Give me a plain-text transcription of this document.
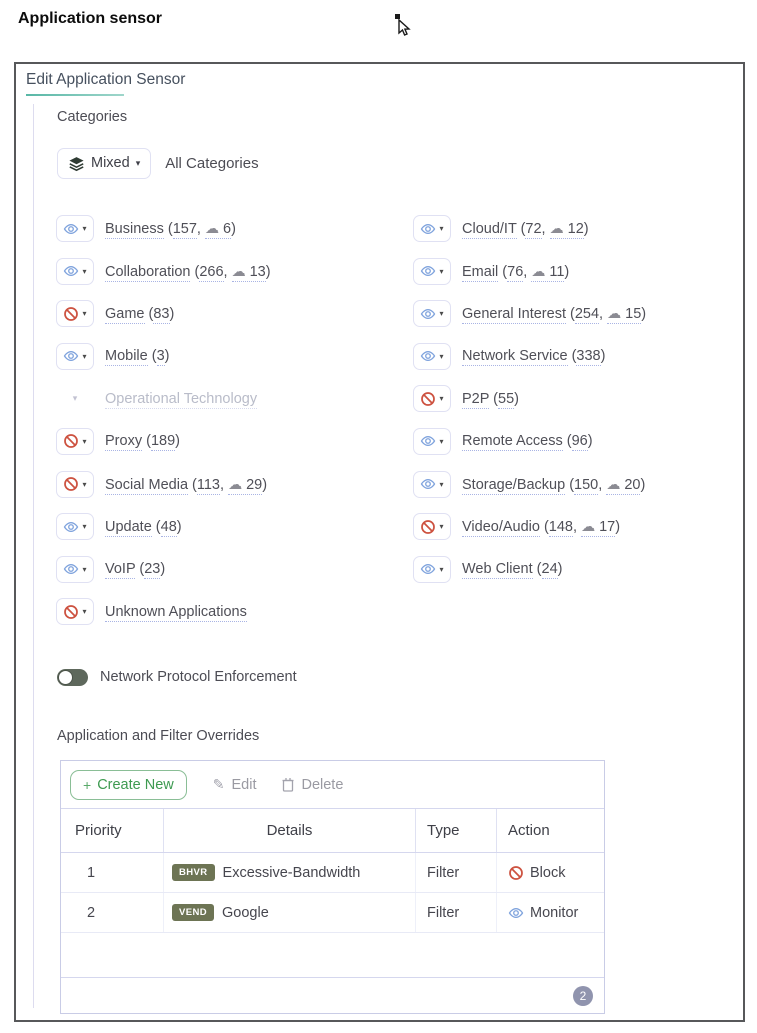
Application sensor
Edit Application Sensor
Categories
Mixed ▾ All Categories
▾ Business (157, ☁ 6)
▾ Collaboration (266, ☁ 13)
▾ Game (83)
▾ Mobile (3)
▾	Operational Technology
▾ Proxy (189)
▾ Social Media (113, ☁ 29)
▾ Update (48)
▾ VoIP (23)
▾ Unknown Applications
▾ Cloud/IT (72, ☁ 12)
▾ Email (76, ☁ 11)
▾ General Interest (254, ☁ 15)
▾ Network Service (338)
▾ P2P (55)
▾ Remote Access (96)
▾ Storage/Backup (150, ☁ 20)
▾ Video/Audio (148, ☁ 17)
▾ Web Client (24)
Network Protocol Enforcement
Application and Filter Overrides
+ Create New	✎ Edit	Delete
Priority	Details	Type	Action
1	BHVR	Excessive-Bandwidth	Filter	Block
2	VEND	Google	Filter	Monitor
2
